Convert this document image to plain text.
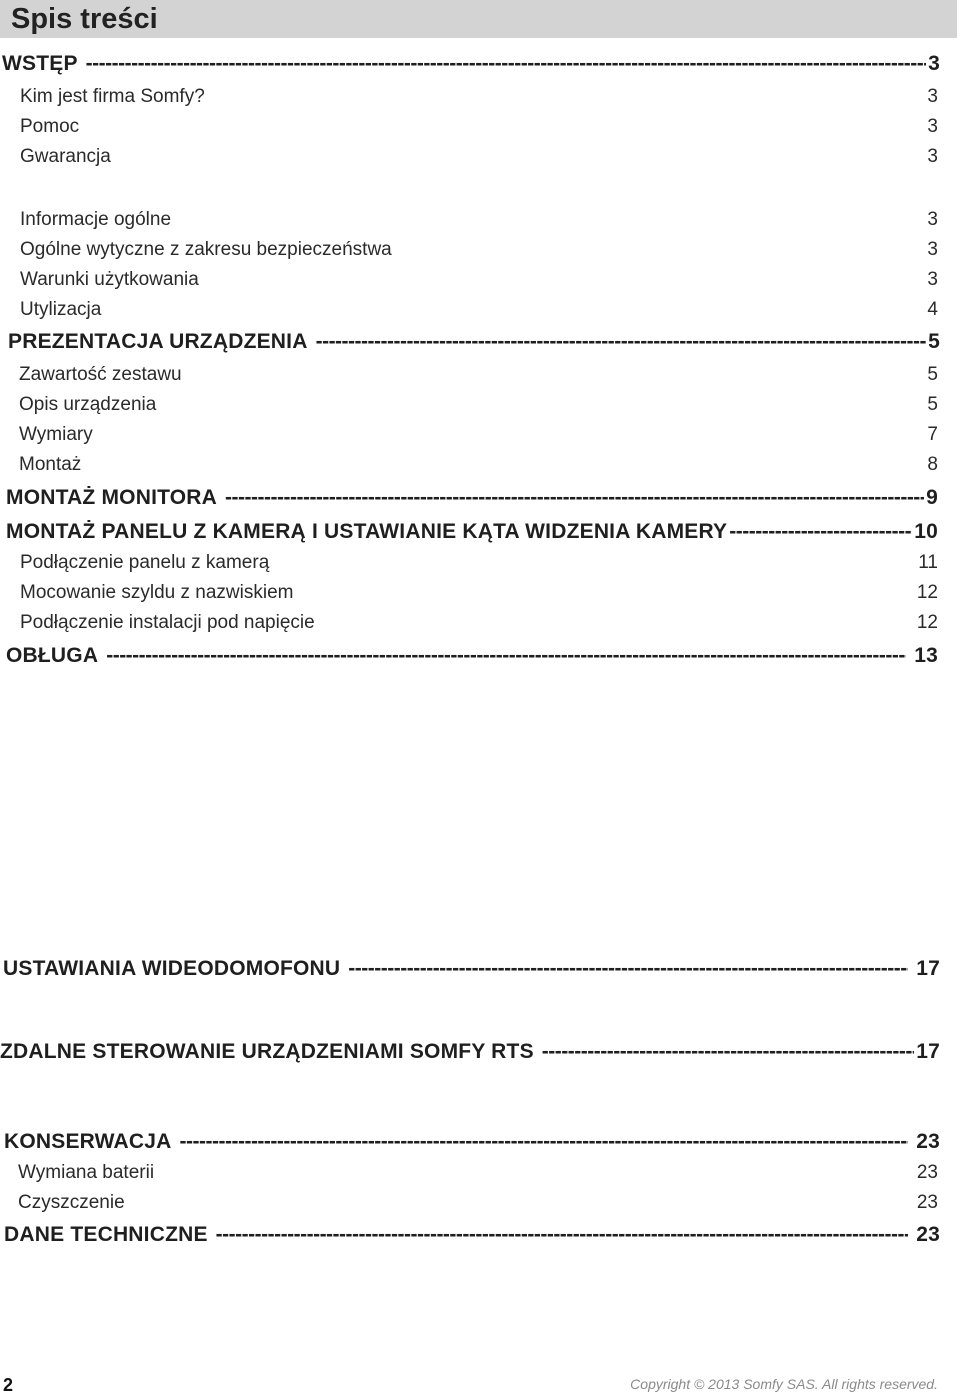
Spis treści
WSTĘP -----	3
Kim jest firma Somfy?	3
Pomoc	3
Gwarancja	3
Informacje ogólne	3
Ogólne wytyczne z zakresu bezpieczeństwa	3
Warunki użytkowania	3
Utylizacja	4
PREZENTACJA URZĄDZENIA -----	5
Zawartość zestawu	5
Opis urządzenia	5
Wymiary	7
Montaż	8
MONTAŻ MONITORA -----	9
MONTAŻ PANELU Z KAMERĄ I USTAWIANIE KĄTA WIDZENIA KAMERY -----	10
Podłączenie panelu z kamerą	11
Mocowanie szyldu z nazwiskiem	12
Podłączenie instalacji pod napięcie	12
OBŁUGA -----	13
USTAWIANIA WIDEODOMOFONU -----	17
ZDALNE STEROWANIE URZĄDZENIAMI SOMFY RTS -----	17
KONSERWACJA -----	23
Wymiana baterii	23
Czyszczenie	23
DANE TECHNICZNE -----	23
2	Copyright © 2013 Somfy SAS. All rights reserved.
